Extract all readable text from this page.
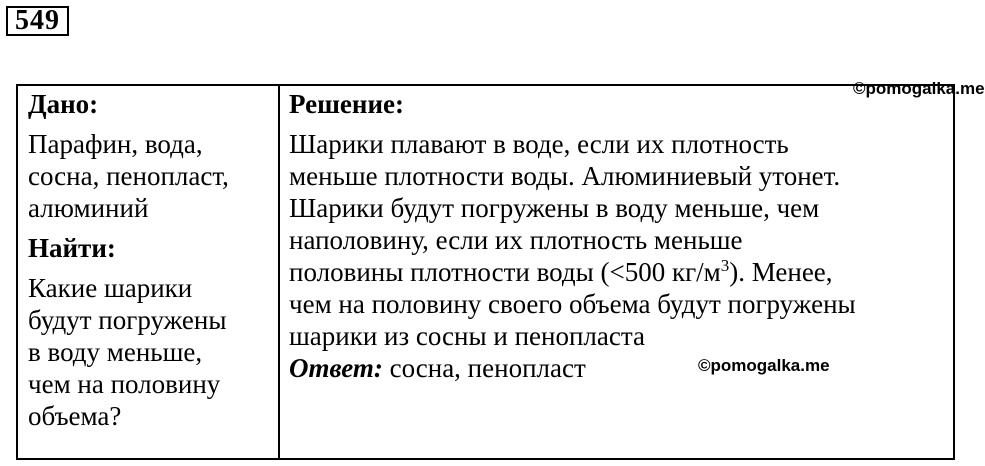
549

Дано:

Парафин, вода,

сосна, пенопласт,

алюминий

Найти:

Какие шарики

будут погружены

в воду меньше,

чем на половину

объема?

©pomogalka.me

Решение:

Шарики плавают в воде, если их плотность

меньше плотности воды. Алюминиевый утонет.

Шарики будут погружены в воду меньше, чем

наполовину, если их плотность меньше

половины плотности воды (<500 $кг/м^3$). Менее,

чем на половину своего объема будут погружены

шарики из сосны и пенопласта

©pomogalka.me

Ответ: сосна, пенопласт
